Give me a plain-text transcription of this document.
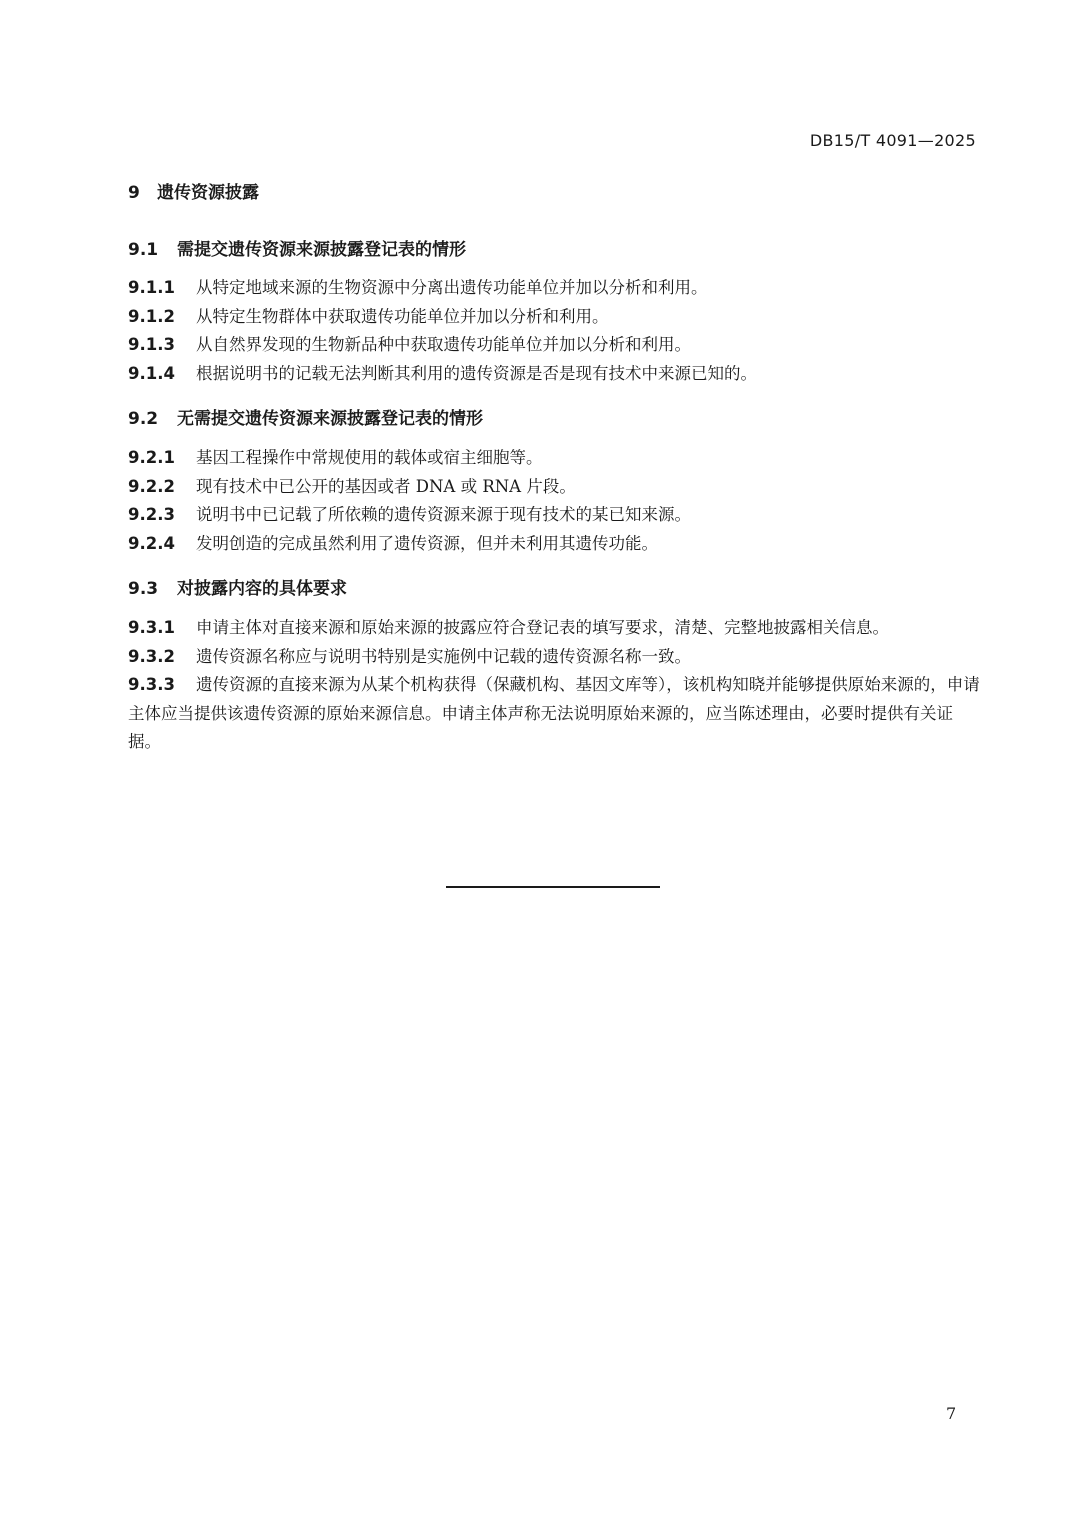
DB15/T 4091—2025
9 遗传资源披露
9.1 需提交遗传资源来源披露登记表的情形
9.1.1 从特定地域来源的生物资源中分离出遗传功能单位并加以分析和利用。
9.1.2 从特定生物群体中获取遗传功能单位并加以分析和利用。
9.1.3 从自然界发现的生物新品种中获取遗传功能单位并加以分析和利用。
9.1.4 根据说明书的记载无法判断其利用的遗传资源是否是现有技术中来源已知的。
9.2 无需提交遗传资源来源披露登记表的情形
9.2.1 基因工程操作中常规使用的载体或宿主细胞等。
9.2.2 现有技术中已公开的基因或者 DNA 或 RNA 片段。
9.2.3 说明书中已记载了所依赖的遗传资源来源于现有技术的某已知来源。
9.2.4 发明创造的完成虽然利用了遗传资源，但并未利用其遗传功能。
9.3 对披露内容的具体要求
9.3.1 申请主体对直接来源和原始来源的披露应符合登记表的填写要求，清楚、完整地披露相关信息。
9.3.2 遗传资源名称应与说明书特别是实施例中记载的遗传资源名称一致。
9.3.3 遗传资源的直接来源为从某个机构获得（保藏机构、基因文库等），该机构知晓并能够提供原始来源的，申请主体应当提供该遗传资源的原始来源信息。申请主体声称无法说明原始来源的，应当陈述理由，必要时提供有关证据。
7
